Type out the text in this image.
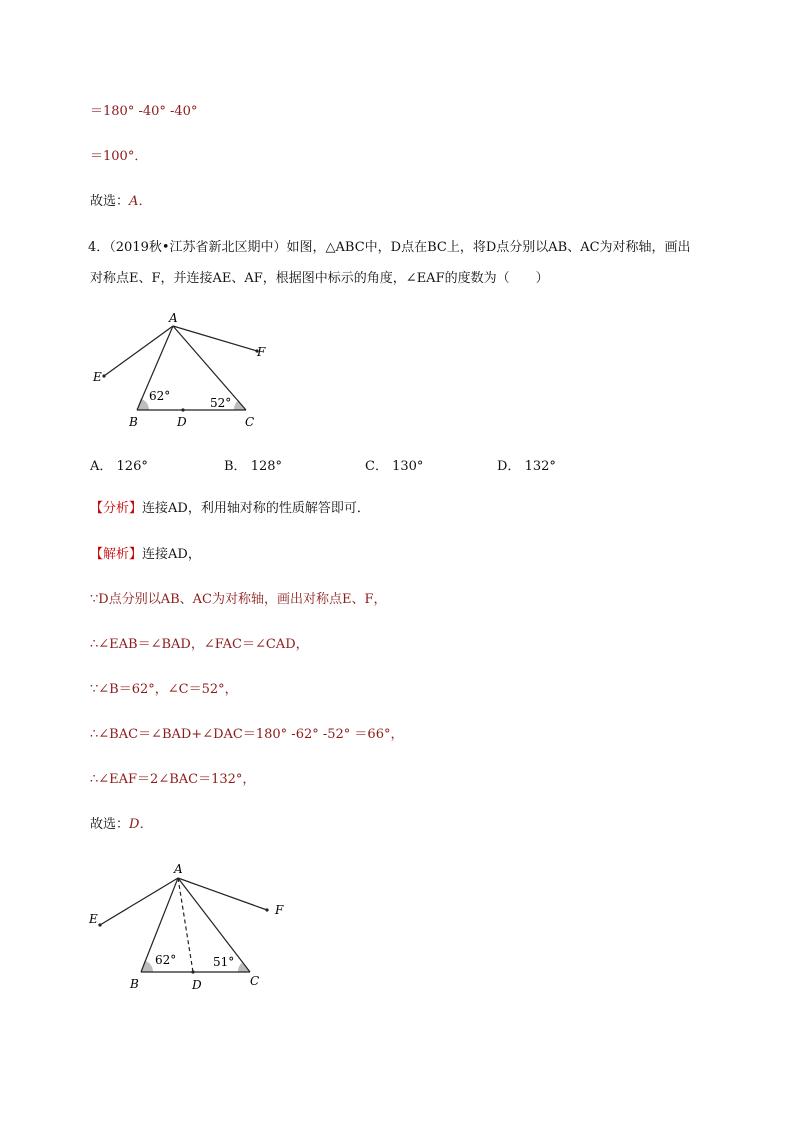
＝180° -40° -40°
＝100°．
故选：A．
4．（2019秋•江苏省新北区期中）如图，△ABC中，D点在BC上，将D点分别以AB、AC为对称轴，画出
对称点E、F，并连接AE、AF，根据图中标示的角度，∠EAF的度数为（　　）
A
B	C
D
E
F
62°	52°
A． 126°	B． 128°	C． 130°	D． 132°
【分析】连接AD，利用轴对称的性质解答即可．
【解析】连接AD，
∵D点分别以AB、AC为对称轴，画出对称点E、F，
∴∠EAB＝∠BAD，∠FAC＝∠CAD，
∵∠B＝62°，∠C＝52°，
∴∠BAC＝∠BAD+∠DAC＝180° -62° -52° ＝66°，
∴∠EAF＝2∠BAC＝132°，
故选：D．
A
B	C
D
E
F
62°	51°
